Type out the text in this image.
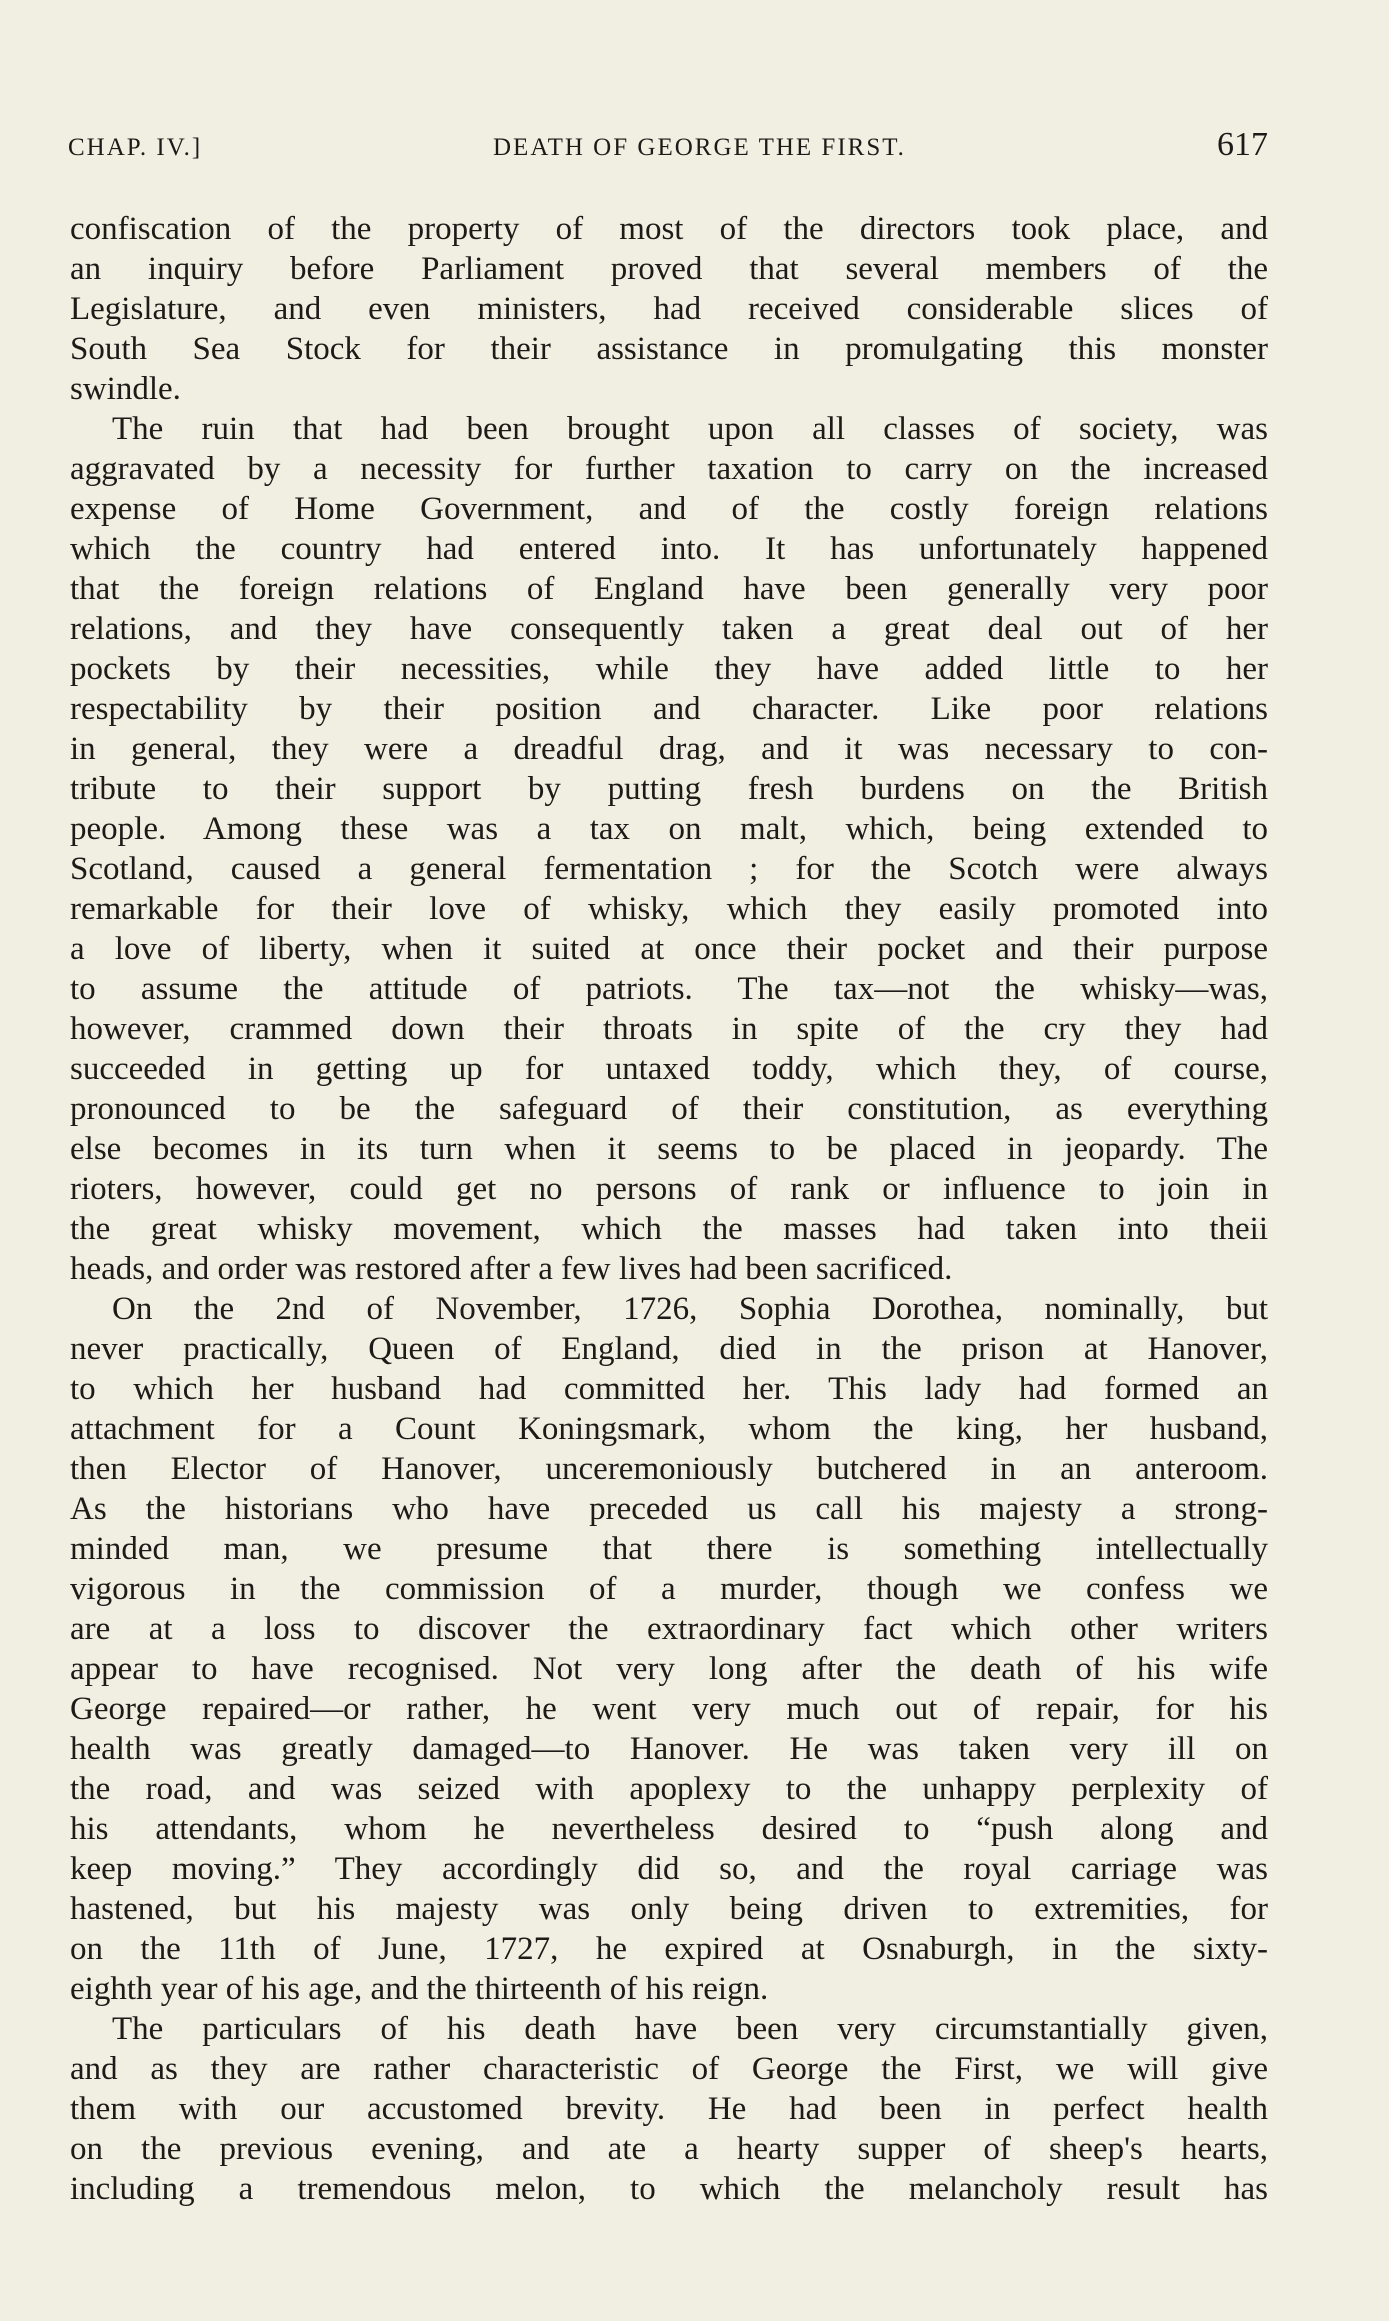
CHAP. IV.]	DEATH OF GEORGE THE FIRST.	617
confiscation of the property of most of the directors took place, and
an inquiry before Parliament proved that several members of the
Legislature, and even ministers, had received considerable slices of
South Sea Stock for their assistance in promulgating this monster
swindle.
The ruin that had been brought upon all classes of society, was
aggravated by a necessity for further taxation to carry on the increased
expense of Home Government, and of the costly foreign relations
which the country had entered into. It has unfortunately happened
that the foreign relations of England have been generally very poor
relations, and they have consequently taken a great deal out of her
pockets by their necessities, while they have added little to her
respectability by their position and character. Like poor relations
in general, they were a dreadful drag, and it was necessary to con-
tribute to their support by putting fresh burdens on the British
people. Among these was a tax on malt, which, being extended to
Scotland, caused a general fermentation ; for the Scotch were always
remarkable for their love of whisky, which they easily promoted into
a love of liberty, when it suited at once their pocket and their purpose
to assume the attitude of patriots. The tax—not the whisky—was,
however, crammed down their throats in spite of the cry they had
succeeded in getting up for untaxed toddy, which they, of course,
pronounced to be the safeguard of their constitution, as everything
else becomes in its turn when it seems to be placed in jeopardy. The
rioters, however, could get no persons of rank or influence to join in
the great whisky movement, which the masses had taken into theii
heads, and order was restored after a few lives had been sacrificed.
On the 2nd of November, 1726, Sophia Dorothea, nominally, but
never practically, Queen of England, died in the prison at Hanover,
to which her husband had committed her. This lady had formed an
attachment for a Count Koningsmark, whom the king, her husband,
then Elector of Hanover, unceremoniously butchered in an anteroom.
As the historians who have preceded us call his majesty a strong-
minded man, we presume that there is something intellectually
vigorous in the commission of a murder, though we confess we
are at a loss to discover the extraordinary fact which other writers
appear to have recognised. Not very long after the death of his wife
George repaired—or rather, he went very much out of repair, for his
health was greatly damaged—to Hanover. He was taken very ill on
the road, and was seized with apoplexy to the unhappy perplexity of
his attendants, whom he nevertheless desired to “push along and
keep moving.” They accordingly did so, and the royal carriage was
hastened, but his majesty was only being driven to extremities, for
on the 11th of June, 1727, he expired at Osnaburgh, in the sixty-
eighth year of his age, and the thirteenth of his reign.
The particulars of his death have been very circumstantially given,
and as they are rather characteristic of George the First, we will give
them with our accustomed brevity. He had been in perfect health
on the previous evening, and ate a hearty supper of sheep's hearts,
including a tremendous melon, to which the melancholy result has
